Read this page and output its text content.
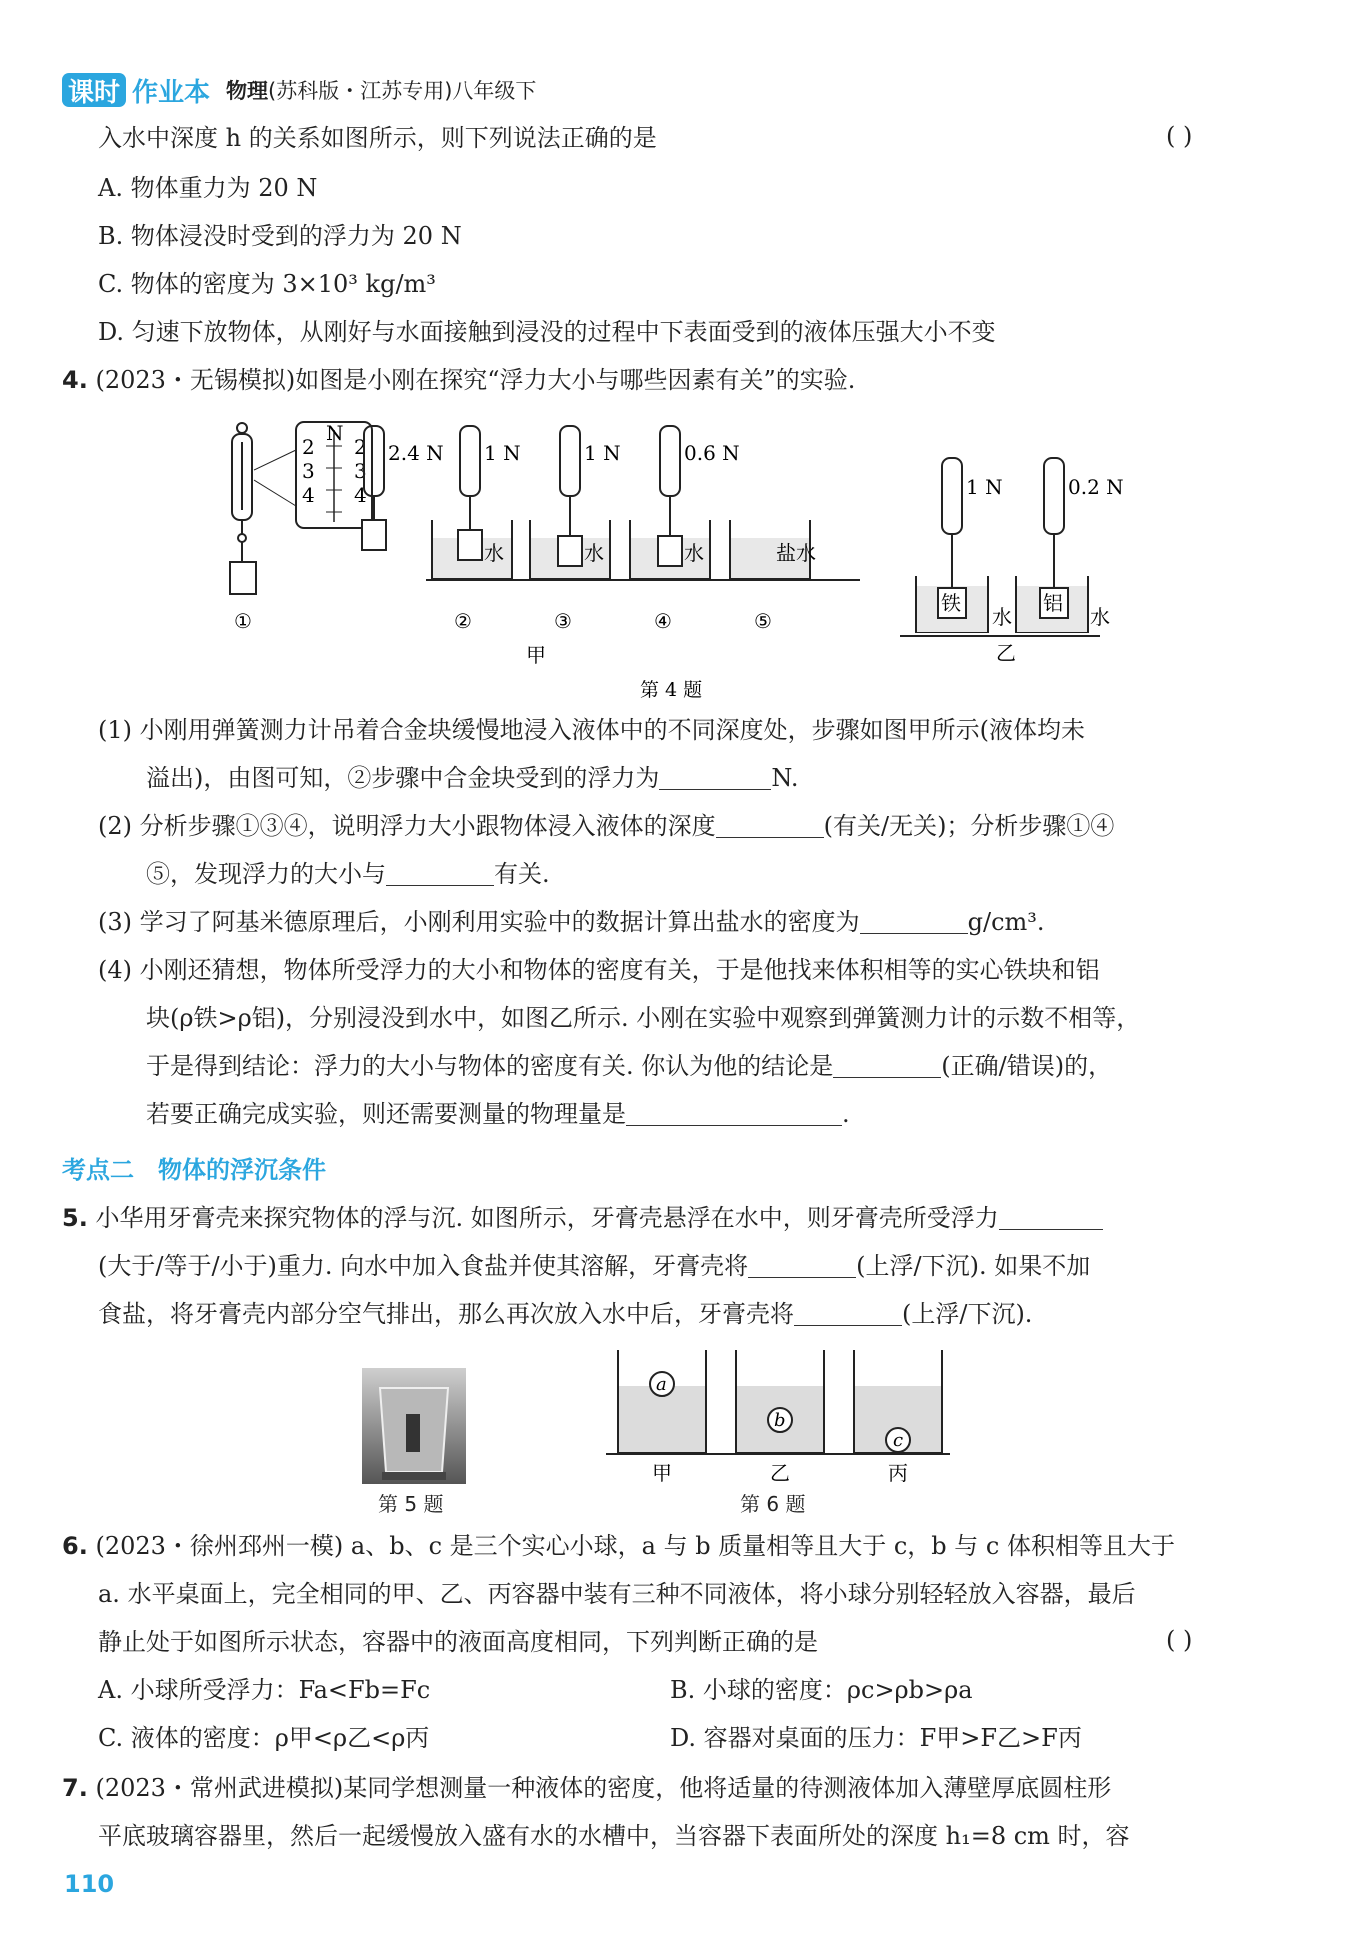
课时 作业本 物理(苏科版・江苏专用)八年级下
入水中深度 h 的关系如图所示，则下列说法正确的是	( )
A. 物体重力为 20 N
B. 物体浸没时受到的浮力为 20 N
C. 物体的密度为 3×10³ kg/m³
D. 匀速下放物体，从刚好与水面接触到浸没的过程中下表面受到的液体压强大小不变
4. (2023・无锡模拟)如图是小刚在探究“浮力大小与哪些因素有关”的实验.
N
2
3
4
2
3
4
2.4 N 1 N	1 N	0.6 N
水	水	水	盐水
①	②	③	④	⑤
甲
1 N	0.2 N
铁	铝
水	水
乙
第 4 题
(1) 小刚用弹簧测力计吊着合金块缓慢地浸入液体中的不同深度处，步骤如图甲所示(液体均未
溢出)，由图可知，②步骤中合金块受到的浮力为	N.
(2) 分析步骤①③④，说明浮力大小跟物体浸入液体的深度	(有关/无关)；分析步骤①④
⑤，发现浮力的大小与	有关.
(3) 学习了阿基米德原理后，小刚利用实验中的数据计算出盐水的密度为	g/cm³.
(4) 小刚还猜想，物体所受浮力的大小和物体的密度有关，于是他找来体积相等的实心铁块和铝
块(ρ铁>ρ铝)，分别浸没到水中，如图乙所示. 小刚在实验中观察到弹簧测力计的示数不相等，
于是得到结论：浮力的大小与物体的密度有关. 你认为他的结论是	(正确/错误)的，
若要正确完成实验，则还需要测量的物理量是	.
考点二　物体的浮沉条件
5. 小华用牙膏壳来探究物体的浮与沉. 如图所示，牙膏壳悬浮在水中，则牙膏壳所受浮力
(大于/等于/小于)重力. 向水中加入食盐并使其溶解，牙膏壳将	(上浮/下沉). 如果不加
食盐，将牙膏壳内部分空气排出，那么再次放入水中后，牙膏壳将	(上浮/下沉).
第 5 题
a
b
c
甲	乙	丙
第 6 题
6. (2023・徐州邳州一模) a、b、c 是三个实心小球，a 与 b 质量相等且大于 c，b 与 c 体积相等且大于
a. 水平桌面上，完全相同的甲、乙、丙容器中装有三种不同液体，将小球分别轻轻放入容器，最后
静止处于如图所示状态，容器中的液面高度相同，下列判断正确的是	( )
A. 小球所受浮力：Fa<Fb=Fc	B. 小球的密度：ρc>ρb>ρa
C. 液体的密度：ρ甲<ρ乙<ρ丙	D. 容器对桌面的压力：F甲>F乙>F丙
7. (2023・常州武进模拟)某同学想测量一种液体的密度，他将适量的待测液体加入薄壁厚底圆柱形
平底玻璃容器里，然后一起缓慢放入盛有水的水槽中，当容器下表面所处的深度 h₁=8 cm 时，容
110
